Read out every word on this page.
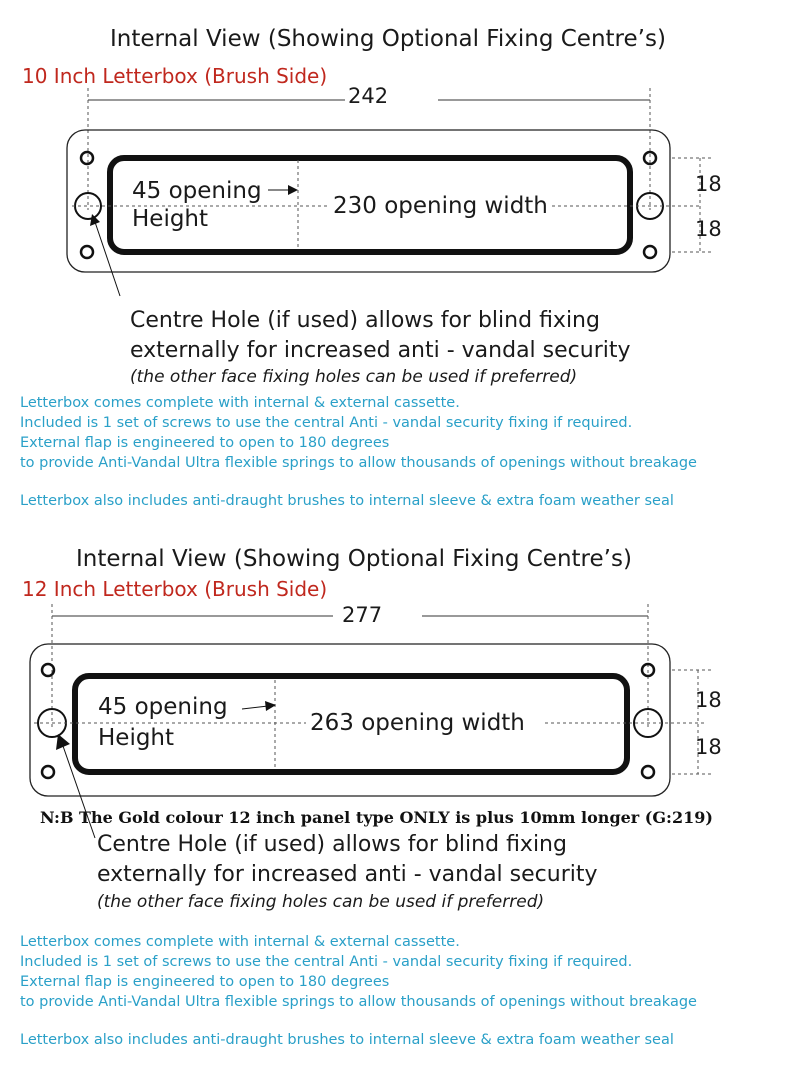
Internal View (Showing Optional Fixing Centre’s)
10 Inch Letterbox (Brush Side)
242
45 opening
Height	230 opening width
18
18
Centre Hole (if used) allows for blind fixing
externally for increased anti - vandal security
(the other face fixing holes can be used if preferred)
Letterbox comes complete with internal & external cassette.
Included is 1 set of screws to use the central Anti - vandal security fixing if required.
External flap is engineered to open to 180 degrees
to provide Anti-Vandal Ultra flexible springs to allow thousands of openings without breakage
Letterbox also includes anti-draught brushes to internal sleeve & extra foam weather seal
Internal View (Showing Optional Fixing Centre’s)
12 Inch Letterbox (Brush Side)
277
45 opening
Height
263 opening width
18
18
N:B The Gold colour 12 inch panel type ONLY is plus 10mm longer (G:219)
Centre Hole (if used) allows for blind fixing
externally for increased anti - vandal security
(the other face fixing holes can be used if preferred)
Letterbox comes complete with internal & external cassette.
Included is 1 set of screws to use the central Anti - vandal security fixing if required.
External flap is engineered to open to 180 degrees
to provide Anti-Vandal Ultra flexible springs to allow thousands of openings without breakage
Letterbox also includes anti-draught brushes to internal sleeve & extra foam weather seal
